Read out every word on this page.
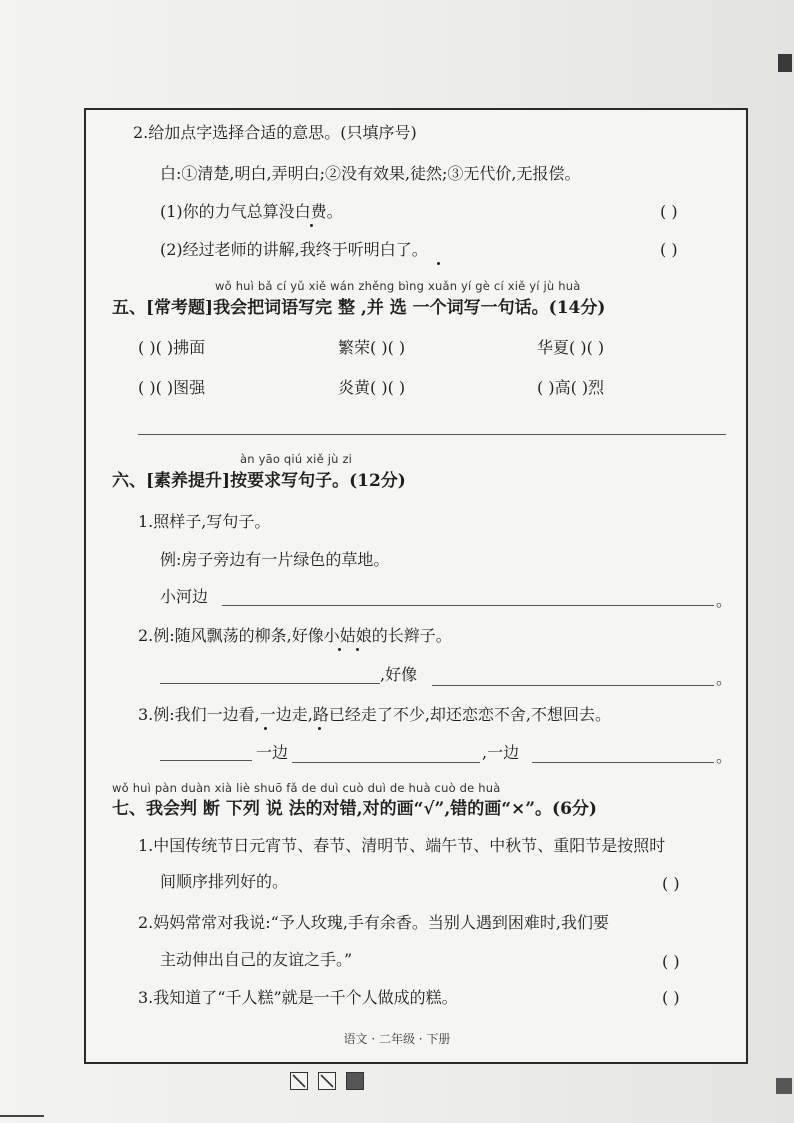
2.给加点字选择合适的意思。(只填序号)
白:①清楚,明白,弄明白;②没有效果,徒然;③无代价,无报偿。
(1)你的力气总算没白费。	( )
(2)经过老师的讲解,我终于听明白了。	( )
wǒ huì bǎ cí yǔ xiě wán zhěng bìng xuǎn yí gè cí xiě yí jù huà
五、[常考题]我会把词语写完 整 ,并 选 一个词写一句话。(14分)
( )( )拂面	繁荣( )( )	华夏( )( )
( )( )图强	炎黄( )( )	( )高( )烈
àn yāo qiú xiě jù zi
六、[素养提升]按要求写句子。(12分)
1.照样子,写句子。
例:房子旁边有一片绿色的草地。
小河边	。
2.例:随风飘荡的柳条,好像小姑娘的长辫子。
,好像	。
3.例:我们一边看,一边走,路已经走了不少,却还恋恋不舍,不想回去。
一边	,一边	。
wǒ huì pàn duàn xià liè shuō fǎ de duì cuò duì de huà cuò de huà
七、我会判 断 下列 说 法的对错,对的画“√”,错的画“×”。(6分)
1.中国传统节日元宵节、春节、清明节、端午节、中秋节、重阳节是按照时
间顺序排列好的。	( )
2.妈妈常常对我说:“予人玫瑰,手有余香。当别人遇到困难时,我们要
主动伸出自己的友谊之手。”	( )
3.我知道了“千人糕”就是一千个人做成的糕。	( )
语文 · 二年级 · 下册
